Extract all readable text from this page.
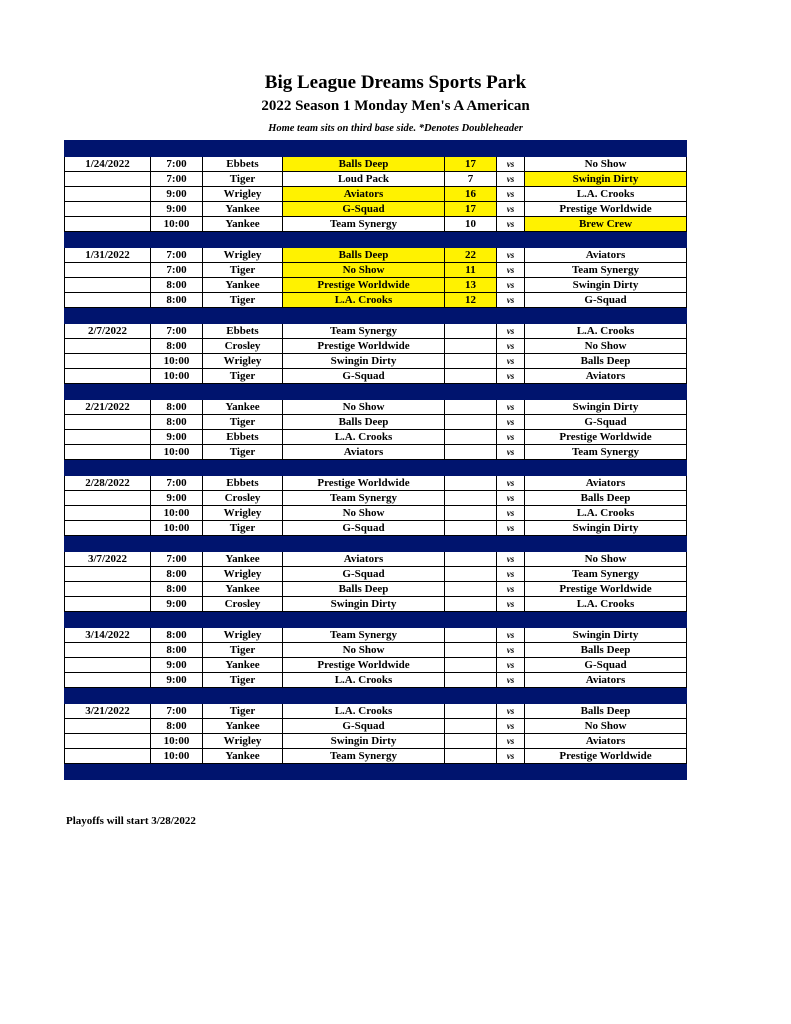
Big League Dreams Sports Park
2022 Season 1 Monday Men's A American
Home team sits on third base side. *Denotes Doubleheader

1/24/2022	7:00	Ebbets	Balls Deep	17	vs	No Show
	7:00	Tiger	Loud Pack	7	vs	Swingin Dirty
	9:00	Wrigley	Aviators	16	vs	L.A. Crooks
	9:00	Yankee	G-Squad	17	vs	Prestige Worldwide
	10:00	Yankee	Team Synergy	10	vs	Brew Crew

1/31/2022	7:00	Wrigley	Balls Deep	22	vs	Aviators
	7:00	Tiger	No Show	11	vs	Team Synergy
	8:00	Yankee	Prestige Worldwide	13	vs	Swingin Dirty
	8:00	Tiger	L.A. Crooks	12	vs	G-Squad

2/7/2022	7:00	Ebbets	Team Synergy		vs	L.A. Crooks
	8:00	Crosley	Prestige Worldwide		vs	No Show
	10:00	Wrigley	Swingin Dirty		vs	Balls Deep
	10:00	Tiger	G-Squad		vs	Aviators

2/21/2022	8:00	Yankee	No Show		vs	Swingin Dirty
	8:00	Tiger	Balls Deep		vs	G-Squad
	9:00	Ebbets	L.A. Crooks		vs	Prestige Worldwide
	10:00	Tiger	Aviators		vs	Team Synergy

2/28/2022	7:00	Ebbets	Prestige Worldwide		vs	Aviators
	9:00	Crosley	Team Synergy		vs	Balls Deep
	10:00	Wrigley	No Show		vs	L.A. Crooks
	10:00	Tiger	G-Squad		vs	Swingin Dirty

3/7/2022	7:00	Yankee	Aviators		vs	No Show
	8:00	Wrigley	G-Squad		vs	Team Synergy
	8:00	Yankee	Balls Deep		vs	Prestige Worldwide
	9:00	Crosley	Swingin Dirty		vs	L.A. Crooks

3/14/2022	8:00	Wrigley	Team Synergy		vs	Swingin Dirty
	8:00	Tiger	No Show		vs	Balls Deep
	9:00	Yankee	Prestige Worldwide		vs	G-Squad
	9:00	Tiger	L.A. Crooks		vs	Aviators

3/21/2022	7:00	Tiger	L.A. Crooks		vs	Balls Deep
	8:00	Yankee	G-Squad		vs	No Show
	10:00	Wrigley	Swingin Dirty		vs	Aviators
	10:00	Yankee	Team Synergy		vs	Prestige Worldwide

Playoffs will start 3/28/2022
